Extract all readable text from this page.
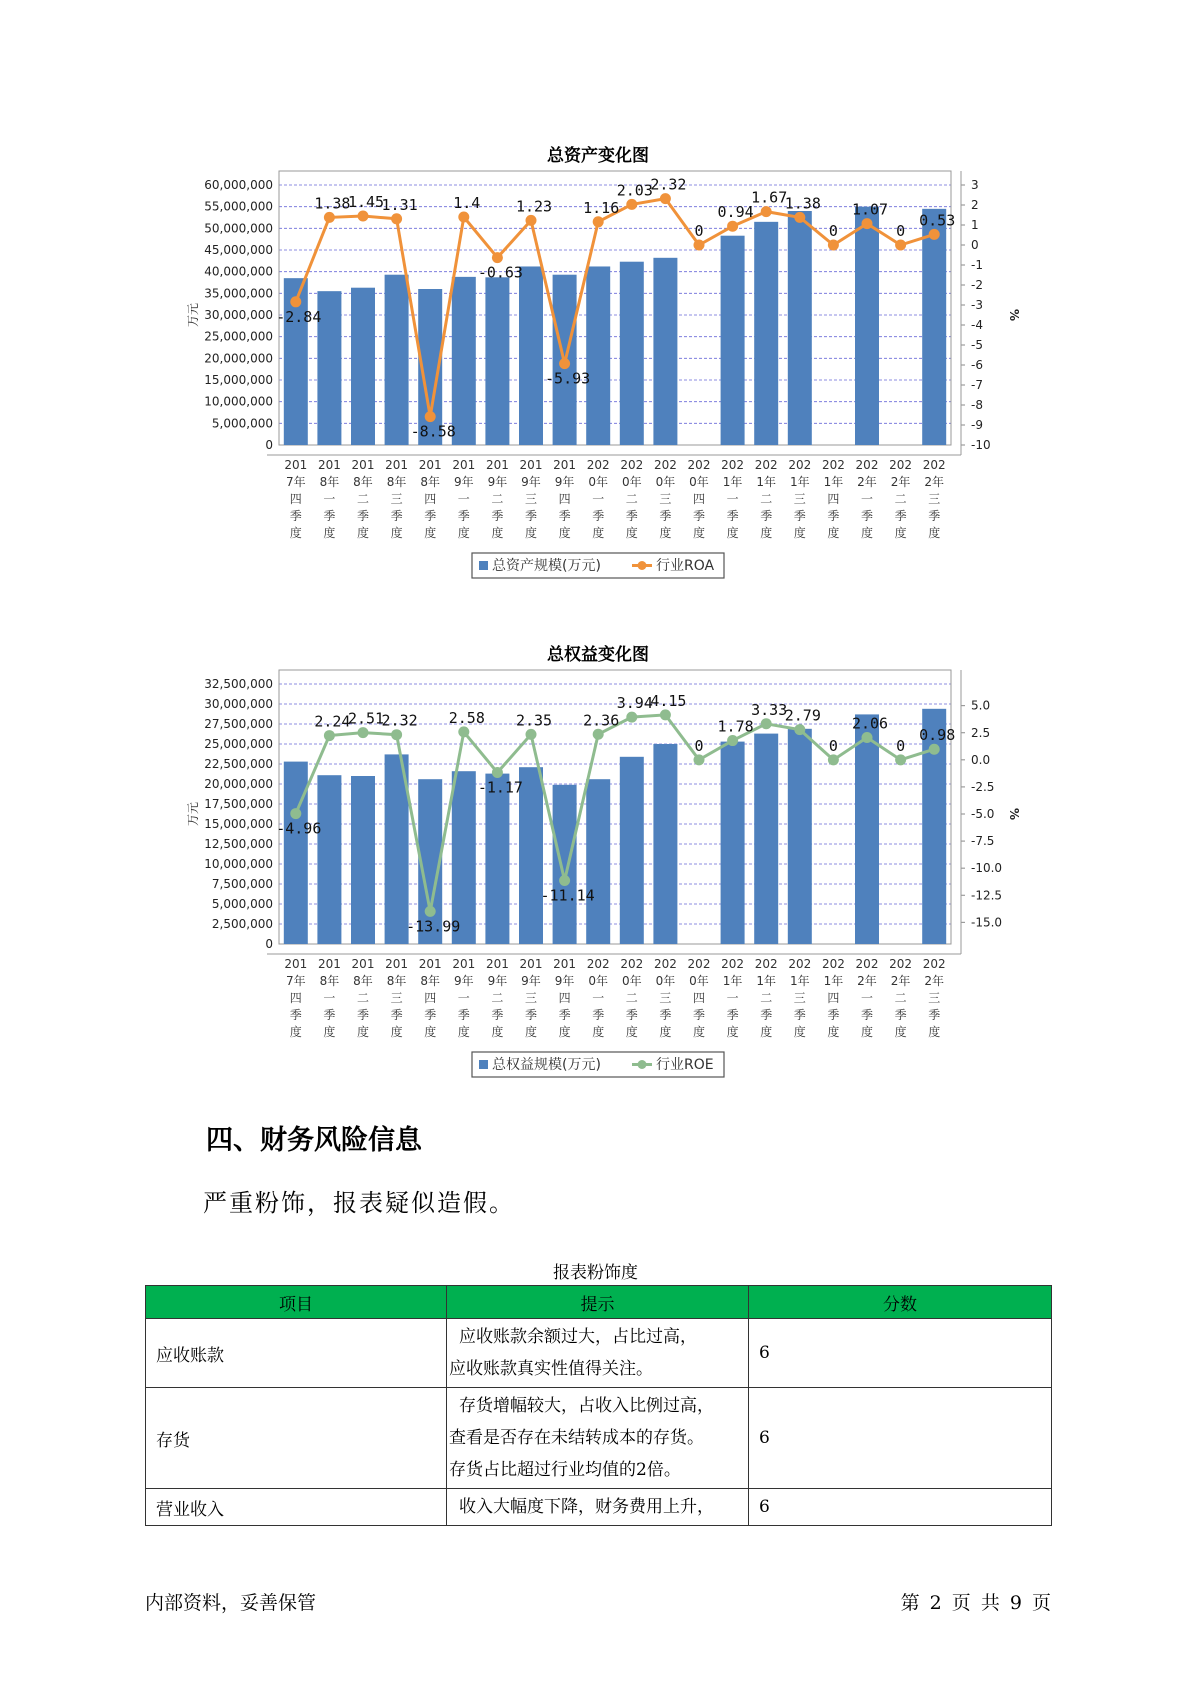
总资产变化图
60,000,000
55,000,000
50,000,000
45,000,000
40,000,000
35,000,000
30,000,000
25,000,000
20,000,000
15,000,000
10,000,000
5,000,000
0
3
2
1
0
-1
-2
-3
-4
-5
-6
-7
-8
-9
-10
万元	%
-2.84
1.38
1.45
1.31
-8.58
1.4
-0.63
1.23
-5.93
1.16
2.03
2.32
0
0.94
1.67
1.38
0
1.07
0
0.53
201
7年
四
季
度
201
8年
一
季
度
201
8年
二
季
度
201
8年
三
季
度
201
8年
四
季
度
201
9年
一
季
度
201
9年
二
季
度
201
9年
三
季
度
201
9年
四
季
度
202
0年
一
季
度
202
0年
二
季
度
202
0年
三
季
度
202
0年
四
季
度
202
1年
一
季
度
202
1年
二
季
度
202
1年
三
季
度
202
1年
四
季
度
202
2年
一
季
度
202
2年
二
季
度
202
2年
三
季
度
总资产规模(万元)	行业ROA
总权益变化图
32,500,000
30,000,000
27,500,000
25,000,000
22,500,000
20,000,000
17,500,000
15,000,000
12,500,000
10,000,000
7,500,000
5,000,000
2,500,000
0
5.0
2.5
0.0
-2.5
-5.0
-7.5
-10.0
-12.5
-15.0
万元	%
-4.96
2.24
2.51
2.32
-13.99
2.58
-1.17
2.35
-11.14
2.36
3.94
4.15
0
1.78
3.33
2.79
0
2.06
0
0.98
201
7年
四
季
度
201
8年
一
季
度
201
8年
二
季
度
201
8年
三
季
度
201
8年
四
季
度
201
9年
一
季
度
201
9年
二
季
度
201
9年
三
季
度
201
9年
四
季
度
202
0年
一
季
度
202
0年
二
季
度
202
0年
三
季
度
202
0年
四
季
度
202
1年
一
季
度
202
1年
二
季
度
202
1年
三
季
度
202
1年
四
季
度
202
2年
一
季
度
202
2年
二
季
度
202
2年
三
季
度
总权益规模(万元)	行业ROE
四、财务风险信息

严重粉饰，报表疑似造假。

报表粉饰度
项目	提示	分数
应收账款	应收账款余额过大，占比过高，
应收账款真实性值得关注。	6
存货	存货增幅较大，占收入比例过高，
查看是否存在未结转成本的存货。
存货占比超过行业均值的2倍。	6
营业收入	收入大幅度下降，财务费用上升，	6
内部资料，妥善保管	第 2 页 共 9 页
